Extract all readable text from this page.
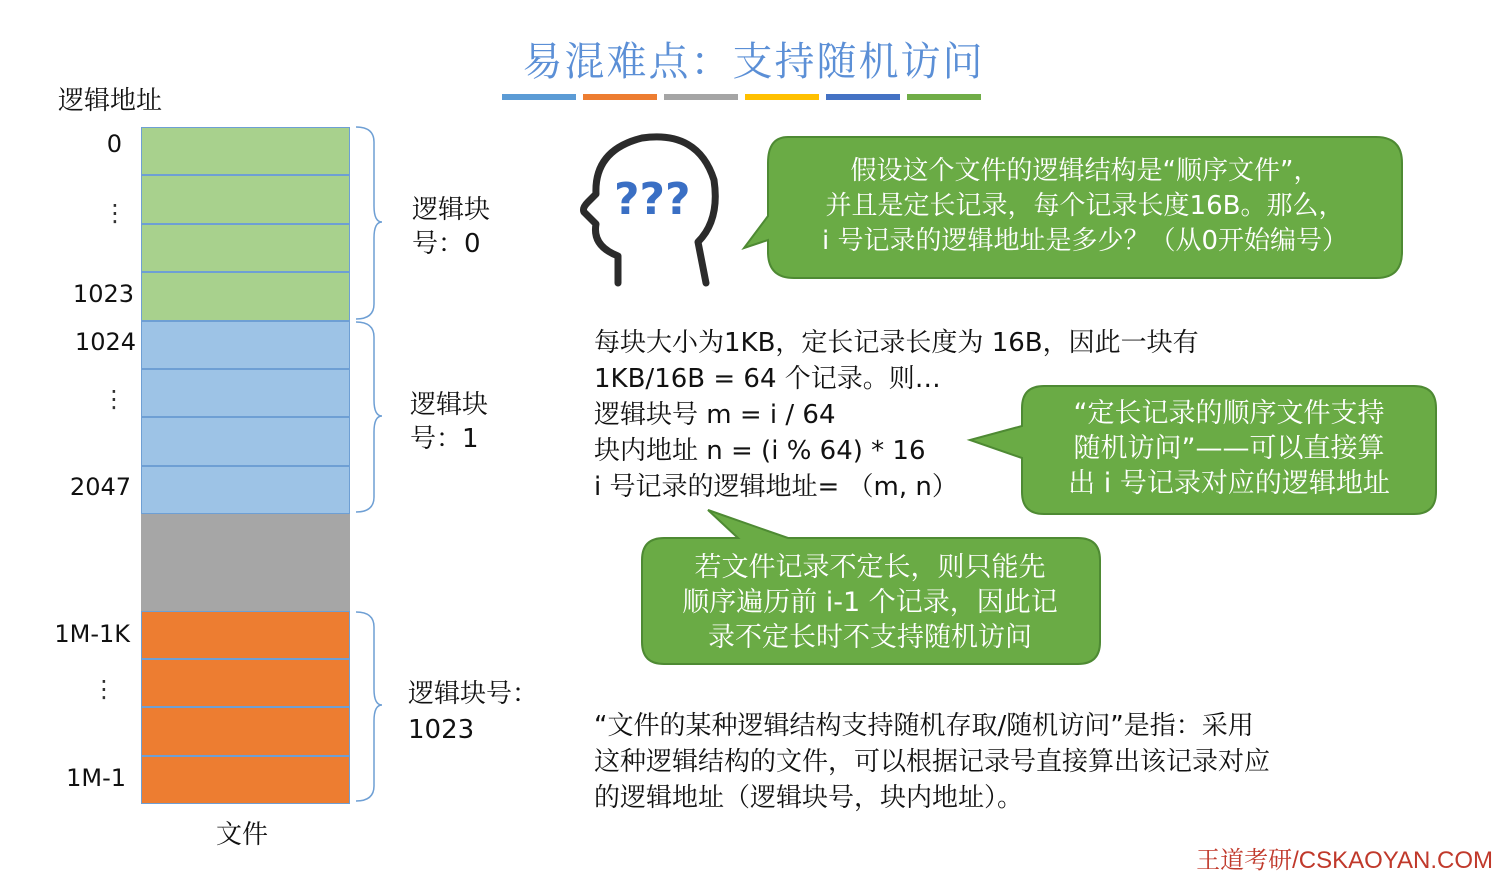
易混难点：支持随机访问
逻辑地址
0
⋮
1023
1024
⋮
2047
1M-1K
⋮
1M-1
文件
逻辑块
号：0
逻辑块
号：1
逻辑块号：
1023
???
假设这个文件的逻辑结构是“顺序文件”，
并且是定长记录，每个记录长度16B。那么，
i 号记录的逻辑地址是多少？（从0开始编号）
每块大小为1KB，定长记录长度为 16B，因此一块有
1KB/16B = 64 个记录。则…
逻辑块号 m = i / 64
块内地址 n = (i % 64) * 16
i 号记录的逻辑地址= （m, n）
“定长记录的顺序文件支持
随机访问”——可以直接算
出 i 号记录对应的逻辑地址
若文件记录不定长，则只能先
顺序遍历前 i-1 个记录，因此记
录不定长时不支持随机访问
“文件的某种逻辑结构支持随机存取/随机访问”是指：采用
这种逻辑结构的文件，可以根据记录号直接算出该记录对应
的逻辑地址（逻辑块号，块内地址）。
王道考研/CSKAOYAN.COM
